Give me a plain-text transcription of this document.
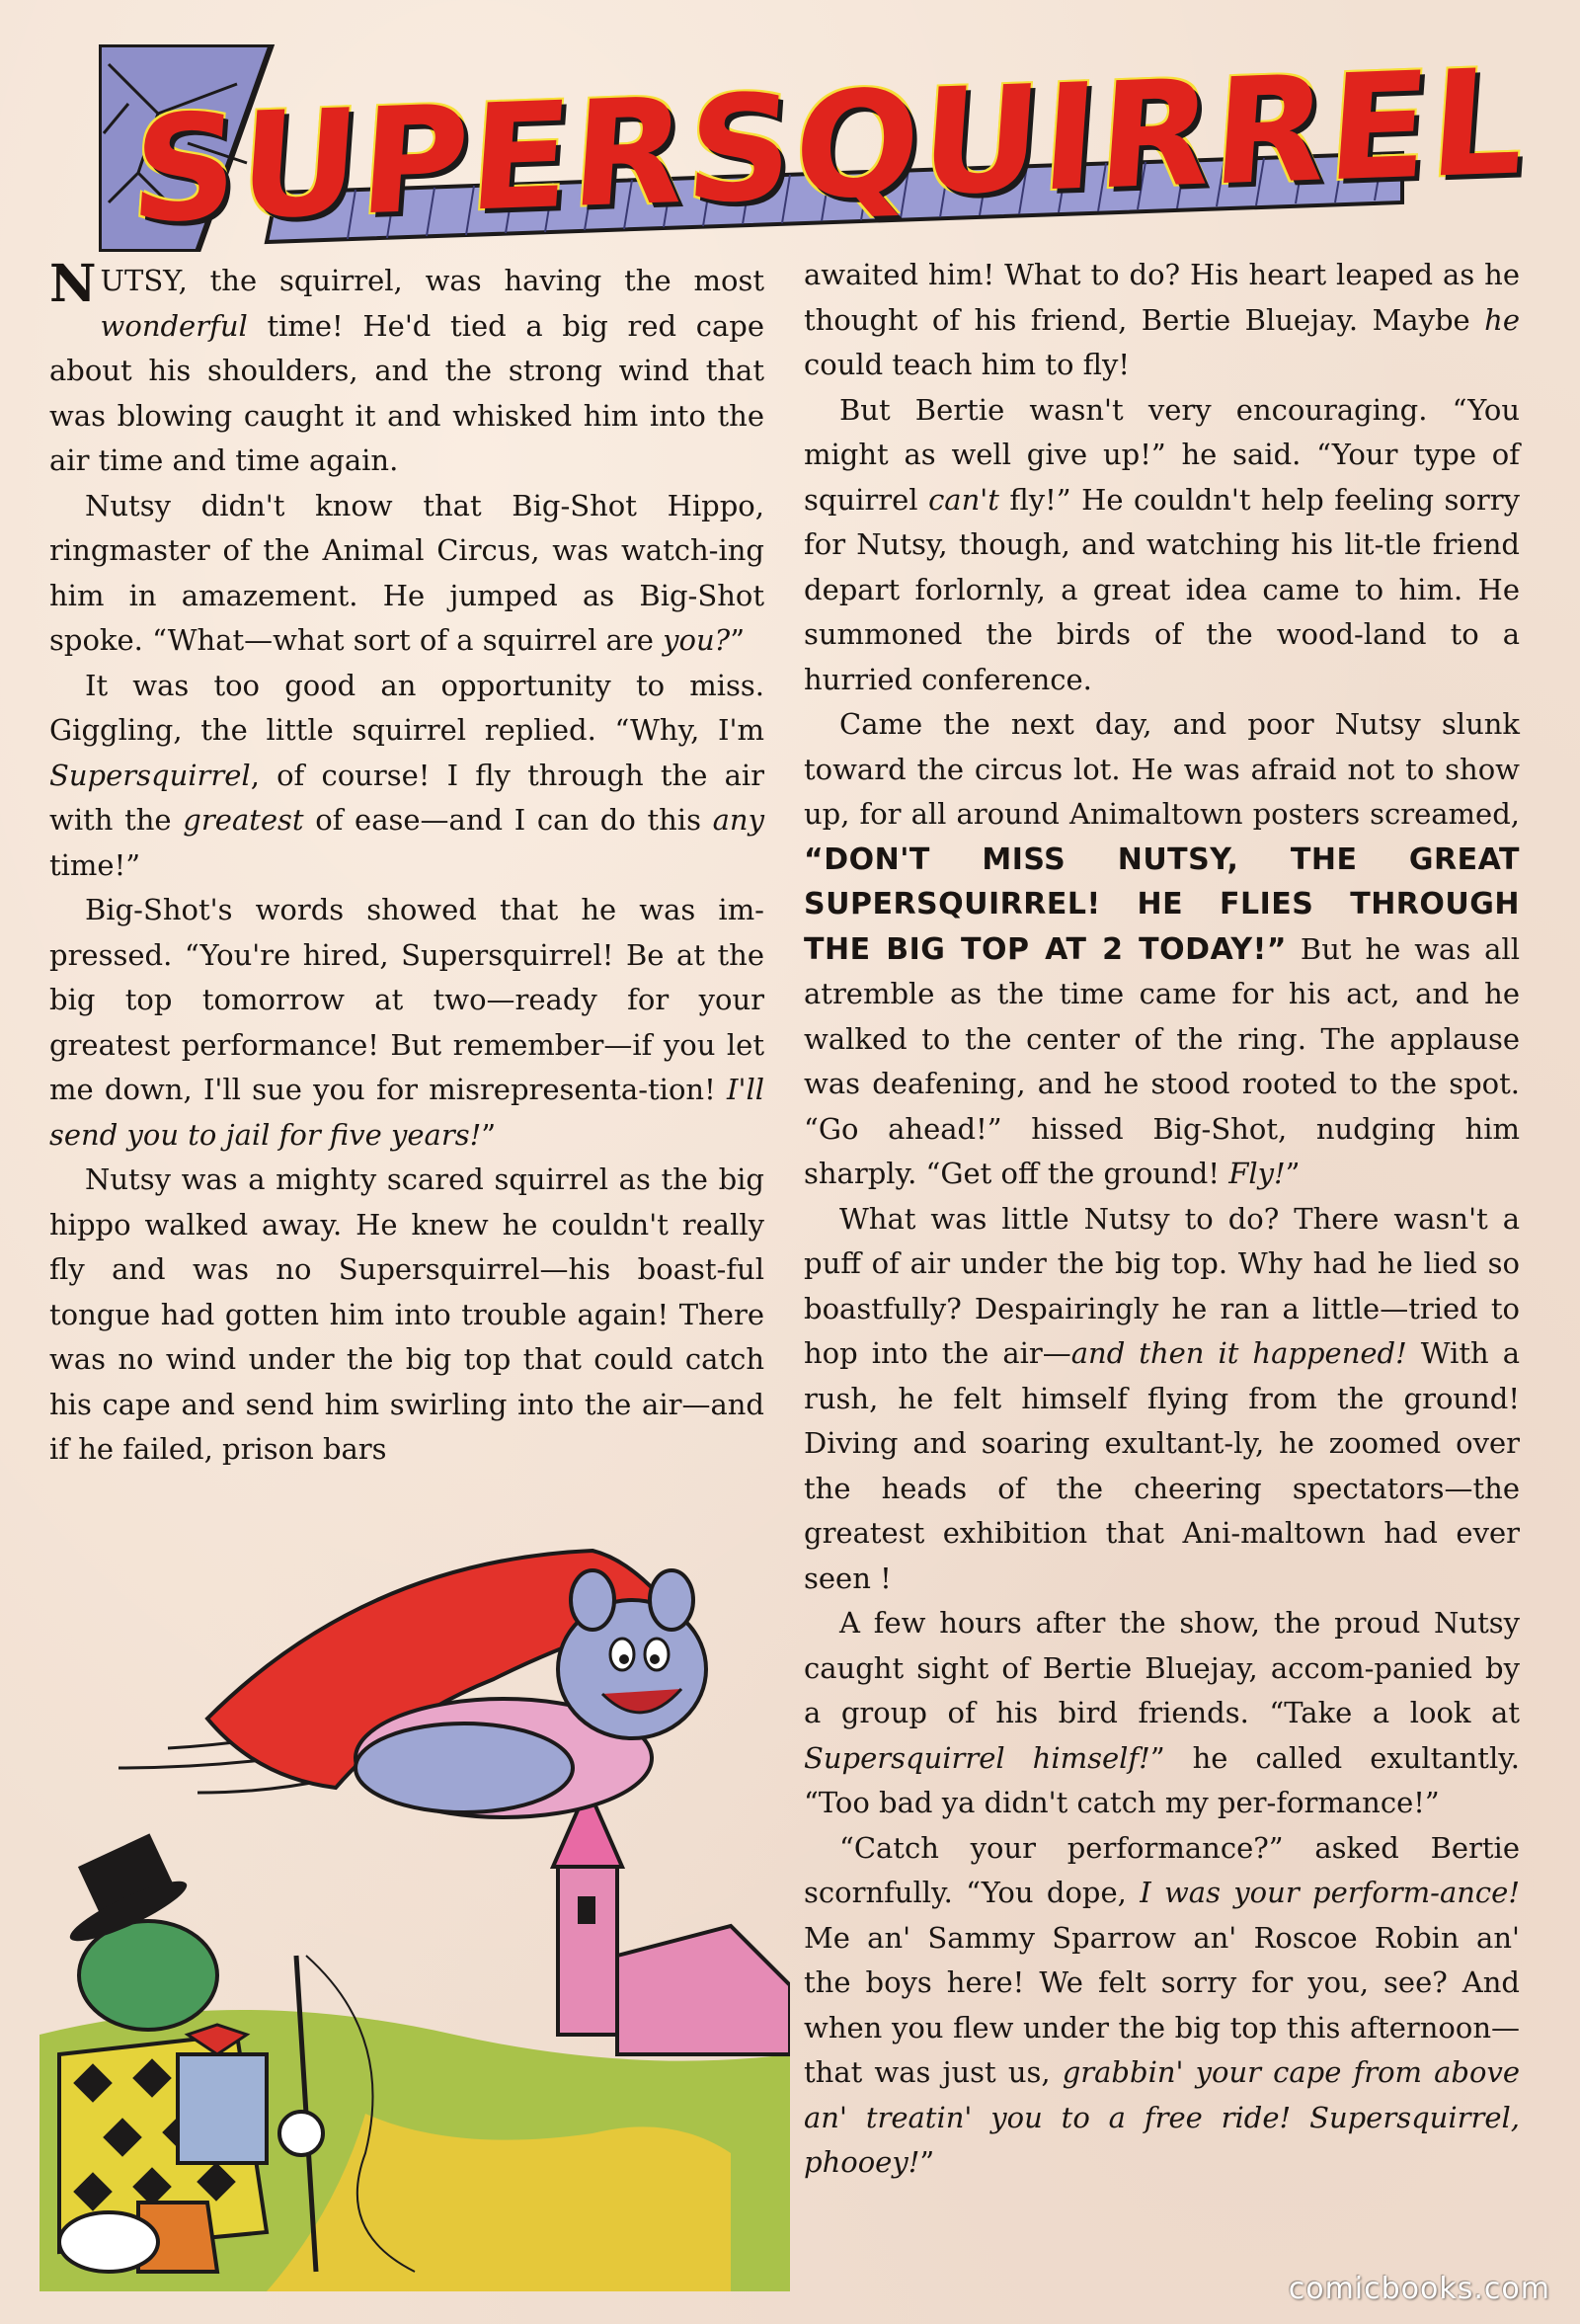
SUPERSQUIRREL

NUTSY, the squirrel, was having the most wonderful time! He'd tied a big red cape about his shoulders, and the strong wind that was blowing caught it and whisked him into the air time and time again.

Nutsy didn't know that Big-Shot Hippo, ringmaster of the Animal Circus, was watch-ing him in amazement. He jumped as Big-Shot spoke. “What—what sort of a squirrel are you?”

It was too good an opportunity to miss. Giggling, the little squirrel replied. “Why, I'm Supersquirrel, of course! I fly through the air with the greatest of ease—and I can do this any time!”

Big-Shot's words showed that he was im-pressed. “You're hired, Supersquirrel! Be at the big top tomorrow at two—ready for your greatest performance! But remember—if you let me down, I'll sue you for misrepresenta-tion! I'll send you to jail for five years!”

Nutsy was a mighty scared squirrel as the big hippo walked away. He knew he couldn't really fly and was no Supersquirrel—his boast-ful tongue had gotten him into trouble again! There was no wind under the big top that could catch his cape and send him swirling into the air—and if he failed, prison bars

awaited him! What to do? His heart leaped as he thought of his friend, Bertie Bluejay. Maybe he could teach him to fly!

But Bertie wasn't very encouraging. “You might as well give up!” he said. “Your type of squirrel can't fly!” He couldn't help feeling sorry for Nutsy, though, and watching his lit-tle friend depart forlornly, a great idea came to him. He summoned the birds of the wood-land to a hurried conference.

Came the next day, and poor Nutsy slunk toward the circus lot. He was afraid not to show up, for all around Animaltown posters screamed, “DON'T MISS NUTSY, THE GREAT SUPERSQUIRREL! HE FLIES THROUGH THE BIG TOP AT 2 TODAY!” But he was all atremble as the time came for his act, and he walked to the center of the ring. The applause was deafening, and he stood rooted to the spot. “Go ahead!” hissed Big-Shot, nudging him sharply. “Get off the ground! Fly!”

What was little Nutsy to do? There wasn't a puff of air under the big top. Why had he lied so boastfully? Despairingly he ran a little—tried to hop into the air—and then it happened! With a rush, he felt himself flying from the ground! Diving and soaring exultant-ly, he zoomed over the heads of the cheering spectators—the greatest exhibition that Ani-maltown had ever seen !

A few hours after the show, the proud Nutsy caught sight of Bertie Bluejay, accom-panied by a group of his bird friends. “Take a look at Supersquirrel himself!” he called exultantly. “Too bad ya didn't catch my per-formance!”

“Catch your performance?” asked Bertie scornfully. “You dope, I was your perform-ance! Me an' Sammy Sparrow an' Roscoe Robin an' the boys here! We felt sorry for you, see? And when you flew under the big top this afternoon—that was just us, grabbin' your cape from above an' treatin' you to a free ride! Supersquirrel, phooey!”

comicbooks.com
